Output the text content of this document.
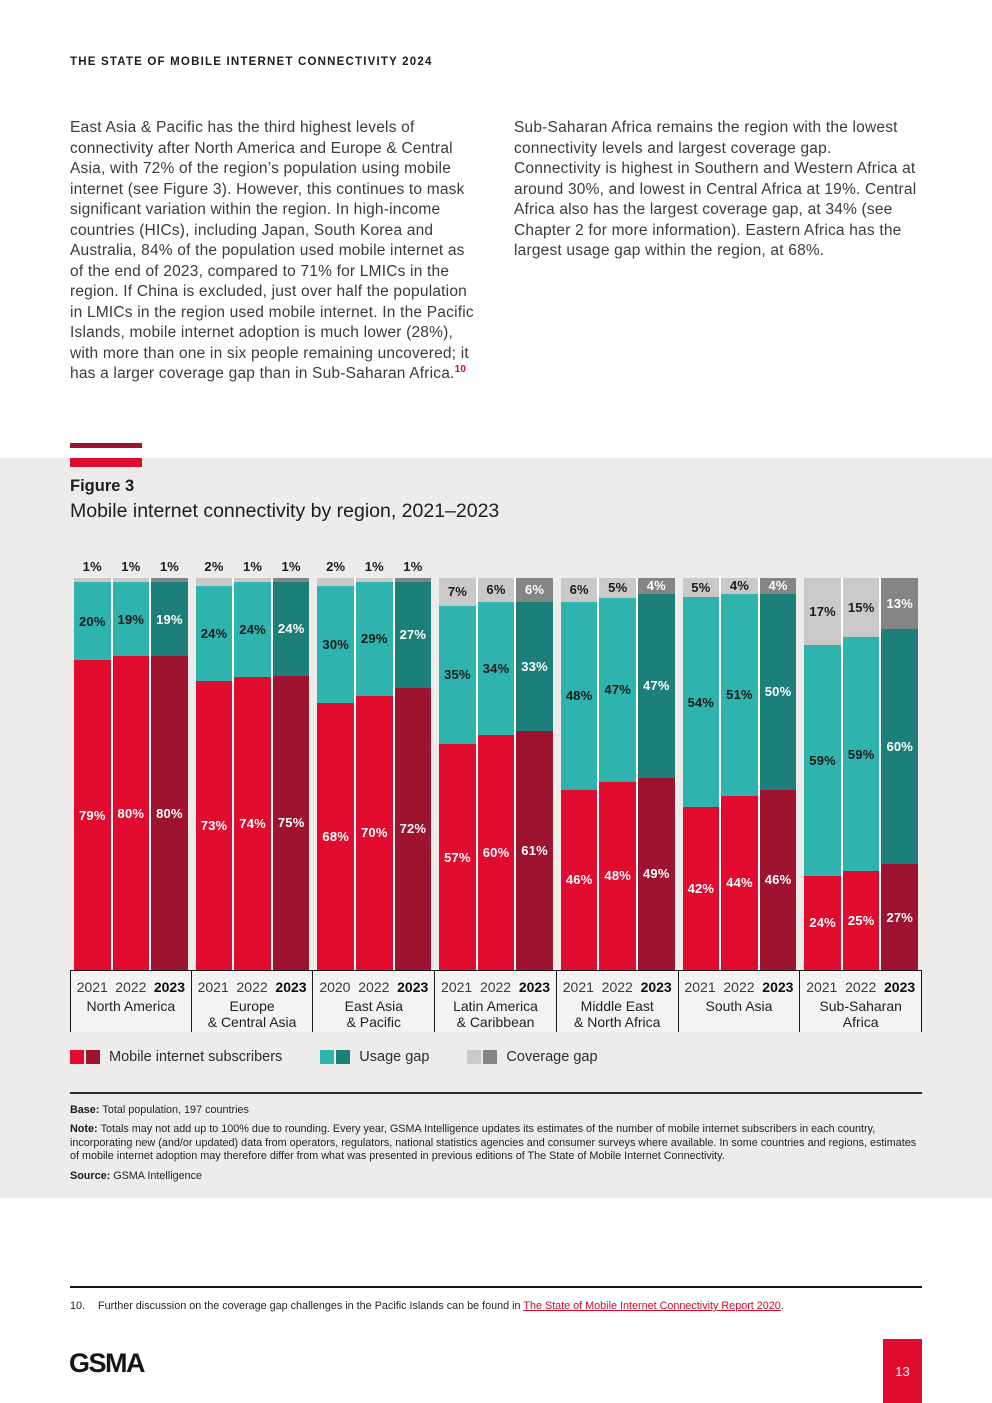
THE STATE OF MOBILE INTERNET CONNECTIVITY 2024
East Asia & Pacific has the third highest levels of connectivity after North America and Europe & Central Asia, with 72% of the region’s population using mobile internet (see Figure 3). However, this continues to mask significant variation within the region. In high-income countries (HICs), including Japan, South Korea and Australia, 84% of the population used mobile internet as of the end of 2023, compared to 71% for LMICs in the region. If China is excluded, just over half the population in LMICs in the region used mobile internet. In the Pacific Islands, mobile internet adoption is much lower (28%), with more than one in six people remaining uncovered; it has a larger coverage gap than in Sub-Saharan Africa.$^{10}$
Sub-Saharan Africa remains the region with the lowest connectivity levels and largest coverage gap. Connectivity is highest in Southern and Western Africa at around 30%, and lowest in Central Africa at 19%. Central Africa also has the largest coverage gap, at 34% (see Chapter 2 for more information). Eastern Africa has the largest usage gap within the region, at 68%.
Figure 3
Mobile internet connectivity by region, 2021–2023
1%
20%
79%
1%
19%
80%
1%
19%
80%
2021 2022 2023
North America
2%
24%
73%
1%
24%
74%
1%
24%
75%
2021 2022 2023
Europe
& Central Asia
2%
30%
68%
1%
29%
70%
1%
27%
72%
2020 2022 2023
East Asia
& Pacific
7%
35%
57%
6%
34%
60%
6%
33%
61%
2021 2022 2023
Latin America
& Caribbean
6%
48%
46%
5%
47%
48%
4%
47%
49%
2021 2022 2023
Middle East
& North Africa
5%
54%
42%
4%
51%
44%
4%
50%
46%
2021 2022 2023
South Asia
17%
59%
24%
15%
59%
25%
13%
60%
27%
2021 2022 2023
Sub-Saharan
Africa
Mobile internet subscribers	Usage gap	Coverage gap

Base: Total population, 197 countries

Note: Totals may not add up to 100% due to rounding. Every year, GSMA Intelligence updates its estimates of the number of mobile internet subscribers in each country, incorporating new (and/or updated) data from operators, regulators, national statistics agencies and consumer surveys where available. In some countries and regions, estimates of mobile internet adoption may therefore differ from what was presented in previous editions of The State of Mobile Internet Connectivity.

Source: GSMA Intelligence

10.	Further discussion on the coverage gap challenges in the Pacific Islands can be found in The State of Mobile Internet Connectivity Report 2020.
GSMA	13
